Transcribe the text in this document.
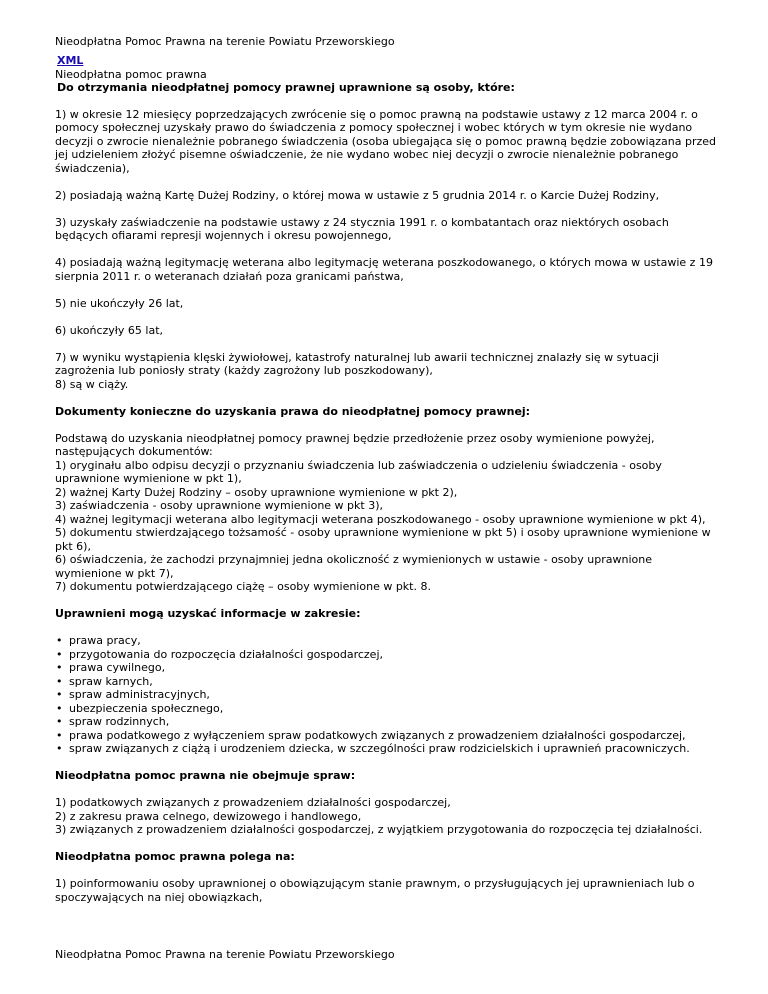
Nieodpłatna Pomoc Prawna na terenie Powiatu Przeworskiego
XML
Nieodpłatna pomoc prawna
Do otrzymania nieodpłatnej pomocy prawnej uprawnione są osoby, które:

1) w okresie 12 miesięcy poprzedzających zwrócenie się o pomoc prawną na podstawie ustawy z 12 marca 2004 r. o pomocy społecznej uzyskały prawo do świadczenia z pomocy społecznej i wobec których w tym okresie nie wydano decyzji o zwrocie nienależnie pobranego świadczenia (osoba ubiegająca się o pomoc prawną będzie zobowiązana przed jej udzieleniem złożyć pisemne oświadczenie, że nie wydano wobec niej decyzji o zwrocie nienależnie pobranego świadczenia),

2) posiadają ważną Kartę Dużej Rodziny, o której mowa w ustawie z 5 grudnia 2014 r. o Karcie Dużej Rodziny,

3) uzyskały zaświadczenie na podstawie ustawy z 24 stycznia 1991 r. o kombatantach oraz niektórych osobach będących ofiarami represji wojennych i okresu powojennego,

4) posiadają ważną legitymację weterana albo legitymację weterana poszkodowanego, o których mowa w ustawie z 19 sierpnia 2011 r. o weteranach działań poza granicami państwa,

5) nie ukończyły 26 lat,

6) ukończyły 65 lat,

7) w wyniku wystąpienia klęski żywiołowej, katastrofy naturalnej lub awarii technicznej znalazły się w sytuacji zagrożenia lub poniosły straty (każdy zagrożony lub poszkodowany),
8) są w ciąży.

Dokumenty konieczne do uzyskania prawa do nieodpłatnej pomocy prawnej:

Podstawą do uzyskania nieodpłatnej pomocy prawnej będzie przedłożenie przez osoby wymienione powyżej, następujących dokumentów:
1) oryginału albo odpisu decyzji o przyznaniu świadczenia lub zaświadczenia o udzieleniu świadczenia - osoby uprawnione wymienione w pkt 1),
2) ważnej Karty Dużej Rodziny – osoby uprawnione wymienione w pkt 2),
3) zaświadczenia - osoby uprawnione wymienione w pkt 3),
4) ważnej legitymacji weterana albo legitymacji weterana poszkodowanego - osoby uprawnione wymienione w pkt 4),
5) dokumentu stwierdzającego tożsamość - osoby uprawnione wymienione w pkt 5) i osoby uprawnione wymienione w pkt 6),
6) oświadczenia, że zachodzi przynajmniej jedna okoliczność z wymienionych w ustawie - osoby uprawnione wymienione w pkt 7),
7) dokumentu potwierdzającego ciążę – osoby wymienione w pkt. 8.

Uprawnieni mogą uzyskać informacje w zakresie:
• prawa pracy,
• przygotowania do rozpoczęcia działalności gospodarczej,
• prawa cywilnego,
• spraw karnych,
• spraw administracyjnych,
• ubezpieczenia społecznego,
• spraw rodzinnych,
• prawa podatkowego z wyłączeniem spraw podatkowych związanych z prowadzeniem działalności gospodarczej,
• spraw związanych z ciążą i urodzeniem dziecka, w szczególności praw rodzicielskich i uprawnień pracowniczych.
Nieodpłatna pomoc prawna nie obejmuje spraw:

1) podatkowych związanych z prowadzeniem działalności gospodarczej,
2) z zakresu prawa celnego, dewizowego i handlowego,
3) związanych z prowadzeniem działalności gospodarczej, z wyjątkiem przygotowania do rozpoczęcia tej działalności.

Nieodpłatna pomoc prawna polega na:

1) poinformowaniu osoby uprawnionej o obowiązującym stanie prawnym, o przysługujących jej uprawnieniach lub o spoczywających na niej obowiązkach,

Nieodpłatna Pomoc Prawna na terenie Powiatu Przeworskiego
